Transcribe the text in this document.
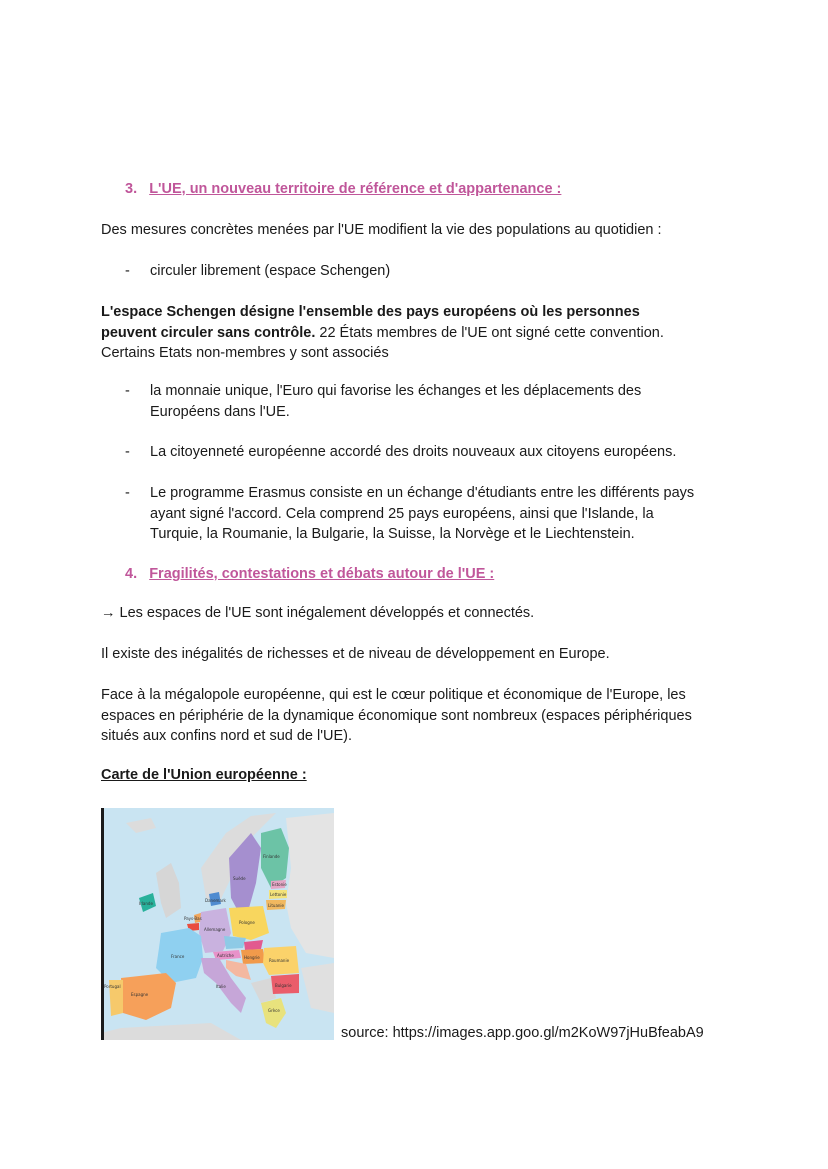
3. L'UE, un nouveau territoire de référence et d'appartenance :
Des mesures concrètes menées par l'UE modifient la vie des populations au quotidien :
- circuler librement (espace Schengen)
L'espace Schengen désigne l'ensemble des pays européens où les personnes
peuvent circuler sans contrôle. 22 États membres de l'UE ont signé cette convention.
Certains Etats non-membres y sont associés
- la monnaie unique, l'Euro qui favorise les échanges et les déplacements des
Européens dans l'UE.
- La citoyenneté européenne accordé des droits nouveaux aux citoyens européens.
- Le programme Erasmus consiste en un échange d'étudiants entre les différents pays
ayant signé l'accord. Cela comprend 25 pays européens, ainsi que l'Islande, la
Turquie, la Roumanie, la Bulgarie, la Suisse, la Norvège et le Liechtenstein.
4. Fragilités, contestations et débats autour de l'UE :
→ Les espaces de l'UE sont inégalement développés et connectés.
Il existe des inégalités de richesses et de niveau de développement en Europe.
Face à la mégalopole européenne, qui est le cœur politique et économique de l'Europe, les
espaces en périphérie de la dynamique économique sont nombreux (espaces périphériques
situés aux confins nord et sud de l'UE).
Carte de l'Union européenne :
Finlande
Suède
Estonie
Lettonie
Lituanie
Danemark
Irlande
Pays-Bas
Allemagne
Pologne
France	Autriche	Hongrie
Roumanie
Bulgarie
Italie
Grèce
Espagne
Portugal
source: https://images.app.goo.gl/m2KoW97jHuBfeabA9
